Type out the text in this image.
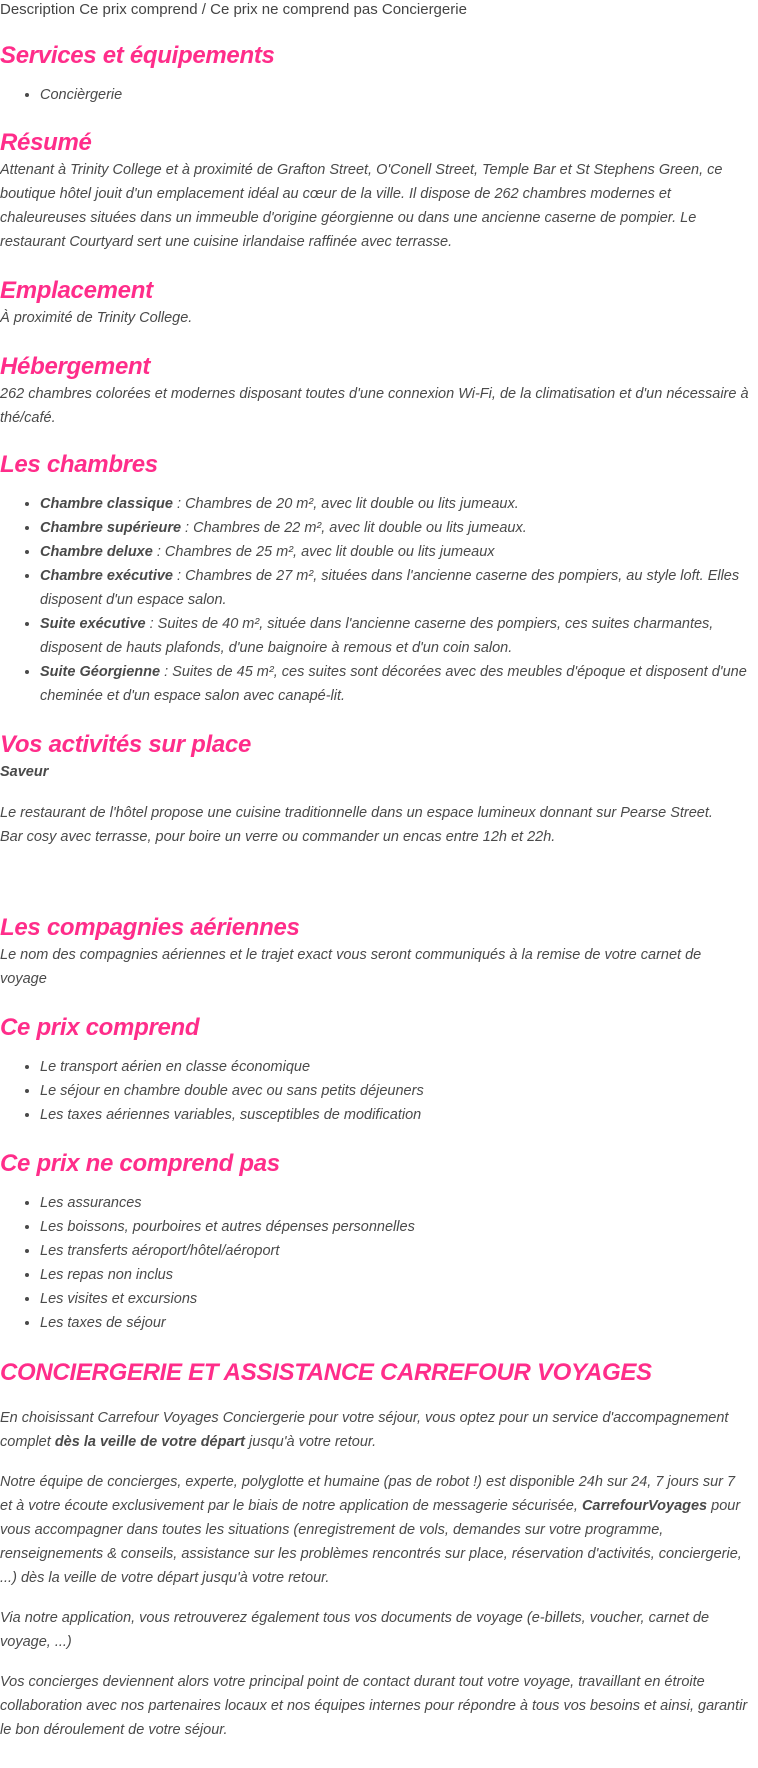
Description Ce prix comprend / Ce prix ne comprend pas Conciergerie

Services et équipements
• Concièrgerie
Résumé

Attenant à Trinity College et à proximité de Grafton Street, O'Conell Street, Temple Bar et St Stephens Green, ce boutique hôtel jouit d'un emplacement idéal au cœur de la ville. Il dispose de 262 chambres modernes et chaleureuses situées dans un immeuble d'origine géorgienne ou dans une ancienne caserne de pompier. Le restaurant Courtyard sert une cuisine irlandaise raffinée avec terrasse.

Emplacement

À proximité de Trinity College.

Hébergement

262 chambres colorées et modernes disposant toutes d'une connexion Wi-Fi, de la climatisation et d'un nécessaire à thé/café.

Les chambres
• Chambre classique : Chambres de 20 m², avec lit double ou lits jumeaux.
• Chambre supérieure : Chambres de 22 m², avec lit double ou lits jumeaux.
• Chambre deluxe : Chambres de 25 m², avec lit double ou lits jumeaux
• Chambre exécutive : Chambres de 27 m², situées dans l'ancienne caserne des pompiers, au style loft. Elles disposent d'un espace salon.
• Suite exécutive : Suites de 40 m², située dans l'ancienne caserne des pompiers, ces suites charmantes, disposent de hauts plafonds, d'une baignoire à remous et d'un coin salon.
• Suite Géorgienne : Suites de 45 m², ces suites sont décorées avec des meubles d'époque et disposent d'une cheminée et d'un espace salon avec canapé-lit.
Vos activités sur place

Saveur

Le restaurant de l'hôtel propose une cuisine traditionnelle dans un espace lumineux donnant sur Pearse Street.

Bar cosy avec terrasse, pour boire un verre ou commander un encas entre 12h et 22h.

Les compagnies aériennes

Le nom des compagnies aériennes et le trajet exact vous seront communiqués à la remise de votre carnet de voyage

Ce prix comprend
• Le transport aérien en classe économique
• Le séjour en chambre double avec ou sans petits déjeuners
• Les taxes aériennes variables, susceptibles de modification
Ce prix ne comprend pas
• Les assurances
• Les boissons, pourboires et autres dépenses personnelles
• Les transferts aéroport/hôtel/aéroport
• Les repas non inclus
• Les visites et excursions
• Les taxes de séjour
CONCIERGERIE ET ASSISTANCE CARREFOUR VOYAGES

En choisissant Carrefour Voyages Conciergerie pour votre séjour, vous optez pour un service d'accompagnement complet dès la veille de votre départ jusqu'à votre retour.

Notre équipe de concierges, experte, polyglotte et humaine (pas de robot !) est disponible 24h sur 24, 7 jours sur 7 et à votre écoute exclusivement par le biais de notre application de messagerie sécurisée, CarrefourVoyages pour vous accompagner dans toutes les situations (enregistrement de vols, demandes sur votre programme, renseignements & conseils, assistance sur les problèmes rencontrés sur place, réservation d'activités, conciergerie, ...) dès la veille de votre départ jusqu'à votre retour.

Via notre application, vous retrouverez également tous vos documents de voyage (e-billets, voucher, carnet de voyage, ...)

Vos concierges deviennent alors votre principal point de contact durant tout votre voyage, travaillant en étroite collaboration avec nos partenaires locaux et nos équipes internes pour répondre à tous vos besoins et ainsi, garantir le bon déroulement de votre séjour.
